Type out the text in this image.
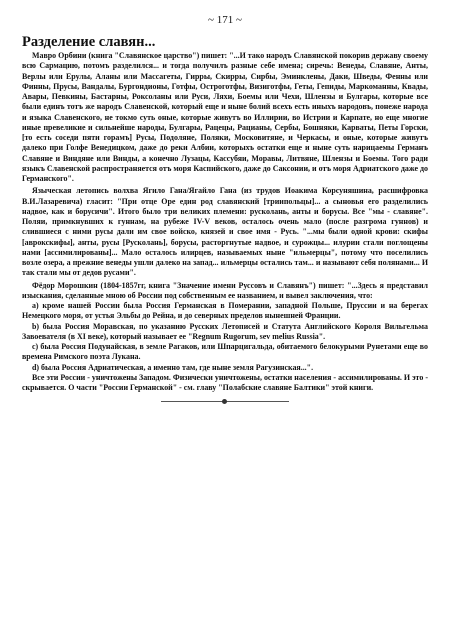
~ 171 ~
Разделение славян...

Мавро Орбини (книга "Славянское царство") пишет: "...И тако народъ Славянской покорив державу своему всю Сармацию, потомъ разделился... и тогда получилъ разные себе имена; сиречь: Венеды, Славяне, Анты, Верлы или Ерулы, Аланы или Массагеты, Гирры, Скирры, Сирбы, Эминклены, Даки, Шведы, Фенны или Финны, Прусы, Вандалы, Бургондионы, Готфы, Остроготфы, Визиготфы, Геты, Гепиды, Маркоманны, Квады, Авары, Певкины, Бастарны, Роксоланы или Руси, Ляхи, Боемы или Чехи, Шлензы и Булгары, которые все были единъ тотъ же народъ Славенской, который еще и ныне болий всехъ есть иныхъ народовъ, понеже народа и языка Славенского, не токмо суть оные, которые живутъ во Иллирии, во Истрии и Карпате, но еще многие иные превеликие и сильнейше народы, Булгары, Рацецы, Рацианы, Сербы, Бошняки, Карваты, Петы Горски, [то есть соседи пяти горамъ] Русы, Подоляне, Поляки, Московитяне, и Черкасы, и оные, которые живутъ далеко при Голфе Венедицком, даже до реки Албии, которыхъ остатки еще и ныне суть нарицаемы Германъ Славяне и Виндяне или Винды, а конечно Лузацы, Кассубяи, Моравы, Литвяне, Шлензы и Боемы. Того ради языкъ Славенской распространяется отъ моря Каспийского, даже до Саксонии, и отъ моря Адриатского даже до Германского".

Языческая летопись волхва Ягило Гана/Ягайло Гана (из трудов Иоакима Корсуняшина, расшифровка В.И.Лазаревича) гласит: "При отце Оре един род славянский [триипольцы]... а сыновья его разделились надвое, как и борусичи". Итого было три великих племени: русколань, анты и борусы. Все "мы - славяне". Поляи, примкнувших к гуннам, на рубеже IV-V веков, осталось очень мало (после разгрома гуннов) и слившиеся с ними русы дали им свое войско, князей и свое имя - Русь. "...мы были одной крови: скифы [аврокскифы], анты, русы [Русколань], борусы, расторгнутые надвое, и сурожцы... илурии стали поглощены нами [ассимилированы]... Мало осталось илирцев, называемых ныне "ильмерцы", потому что поселились возле озера, а прежние венеды ушли далеко на запад... ильмерцы остались там... и называют себя полянами... И так стали мы от дедов русами".

Фёдор Морошкин (1804-1857гг, книга "Значение имени Руссовъ и Славянъ") пишет: "...Здесь я представил изыскания, сделанные мною об России под собственным ее названием, и вывел заключения, что:

а) кроме нашей России была Россия Германская в Померании, западной Польше, Пруссии и на берегах Немецкого моря, от устья Эльбы до Рейна, и до северных пределов нынешней Франции.

b) была Россия Моравская, по указанию Русских Летописей и Статута Английского Короля Вильгельма Завоевателя (в XI веке), который называет ее "Regnum Rugorum, sev melius Russia".

c) была Россия Подунайская, в земле Рагаков, или Шпарцигальда, обитаемого белокурыми Рунетами еще во времена Римского поэта Лукана.

d) была Россия Адриатическая, а именно там, где ныне земля Рагузинская...".

Все эти России - уничтожены Западом. Физически уничтожены, остатки населения - ассимилированы. И это - скрывается. О части "России Германской" - см. главу "Полабские славяне Балтики" этой книги.
